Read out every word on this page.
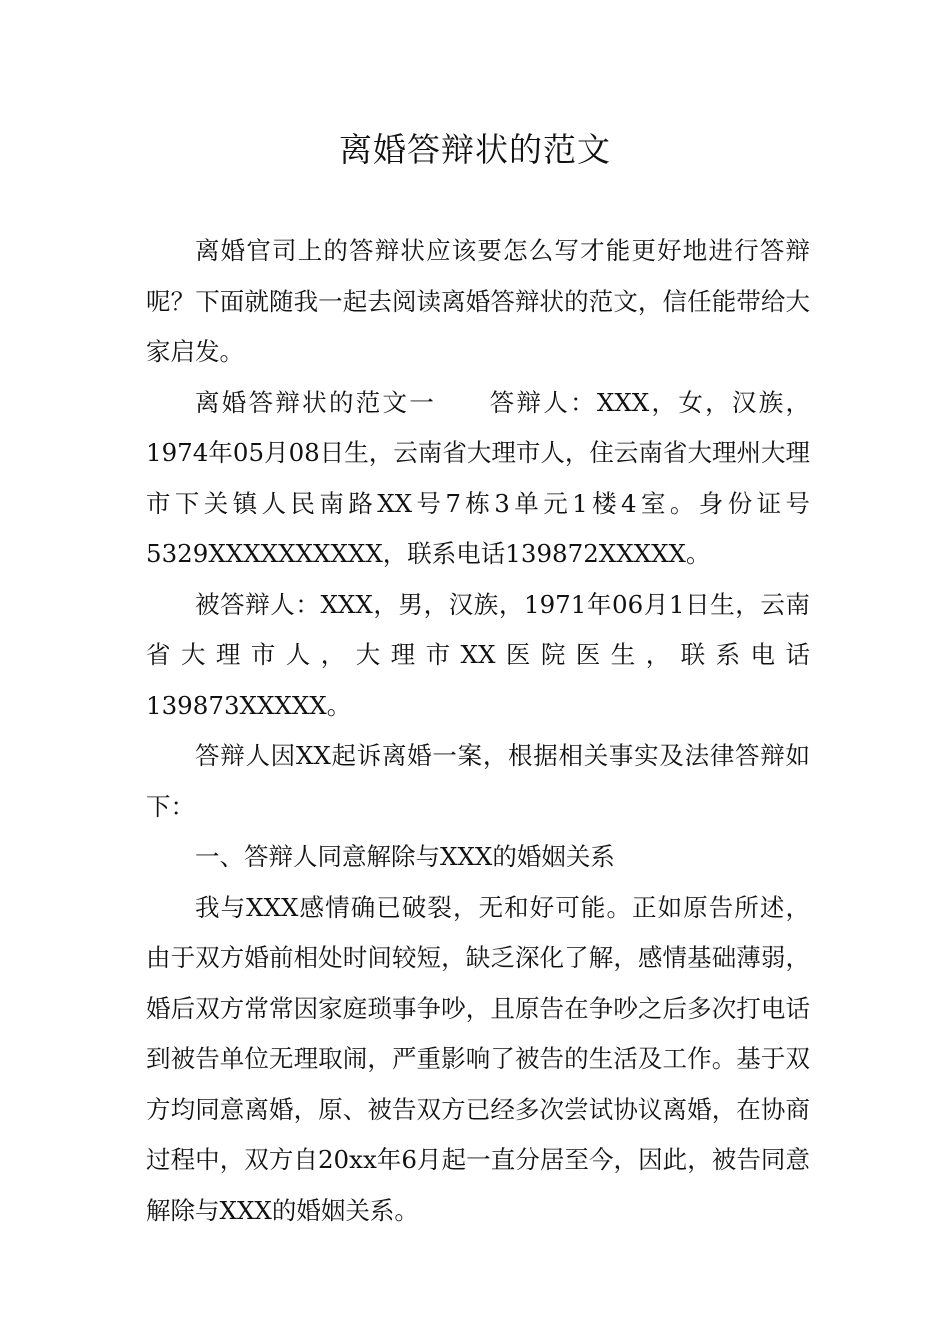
离婚答辩状的范文

离婚官司上的答辩状应该要怎么写才能更好地进行答辩呢？下面就随我一起去阅读离婚答辩状的范文，信任能带给大家启发。

离婚答辩状的范文一　　答辩人：XXX，女，汉族，1974年05月08日生，云南省大理市人，住云南省大理州大理市下关镇人民南路XX号7栋3单元1楼4室。身份证号5329XXXXXXXXXX，联系电话139872XXXXX。

被答辩人：XXX，男，汉族，1971年06月1日生，云南省大理市人，大理市XX医院医生，联系电话139873XXXXX。

答辩人因XX起诉离婚一案，根据相关事实及法律答辩如下：

一、答辩人同意解除与XXX的婚姻关系

我与XXX感情确已破裂，无和好可能。正如原告所述，由于双方婚前相处时间较短，缺乏深化了解，感情基础薄弱，婚后双方常常因家庭琐事争吵，且原告在争吵之后多次打电话到被告单位无理取闹，严重影响了被告的生活及工作。基于双方均同意离婚，原、被告双方已经多次尝试协议离婚，在协商过程中，双方自20xx年6月起一直分居至今，因此，被告同意解除与XXX的婚姻关系。
